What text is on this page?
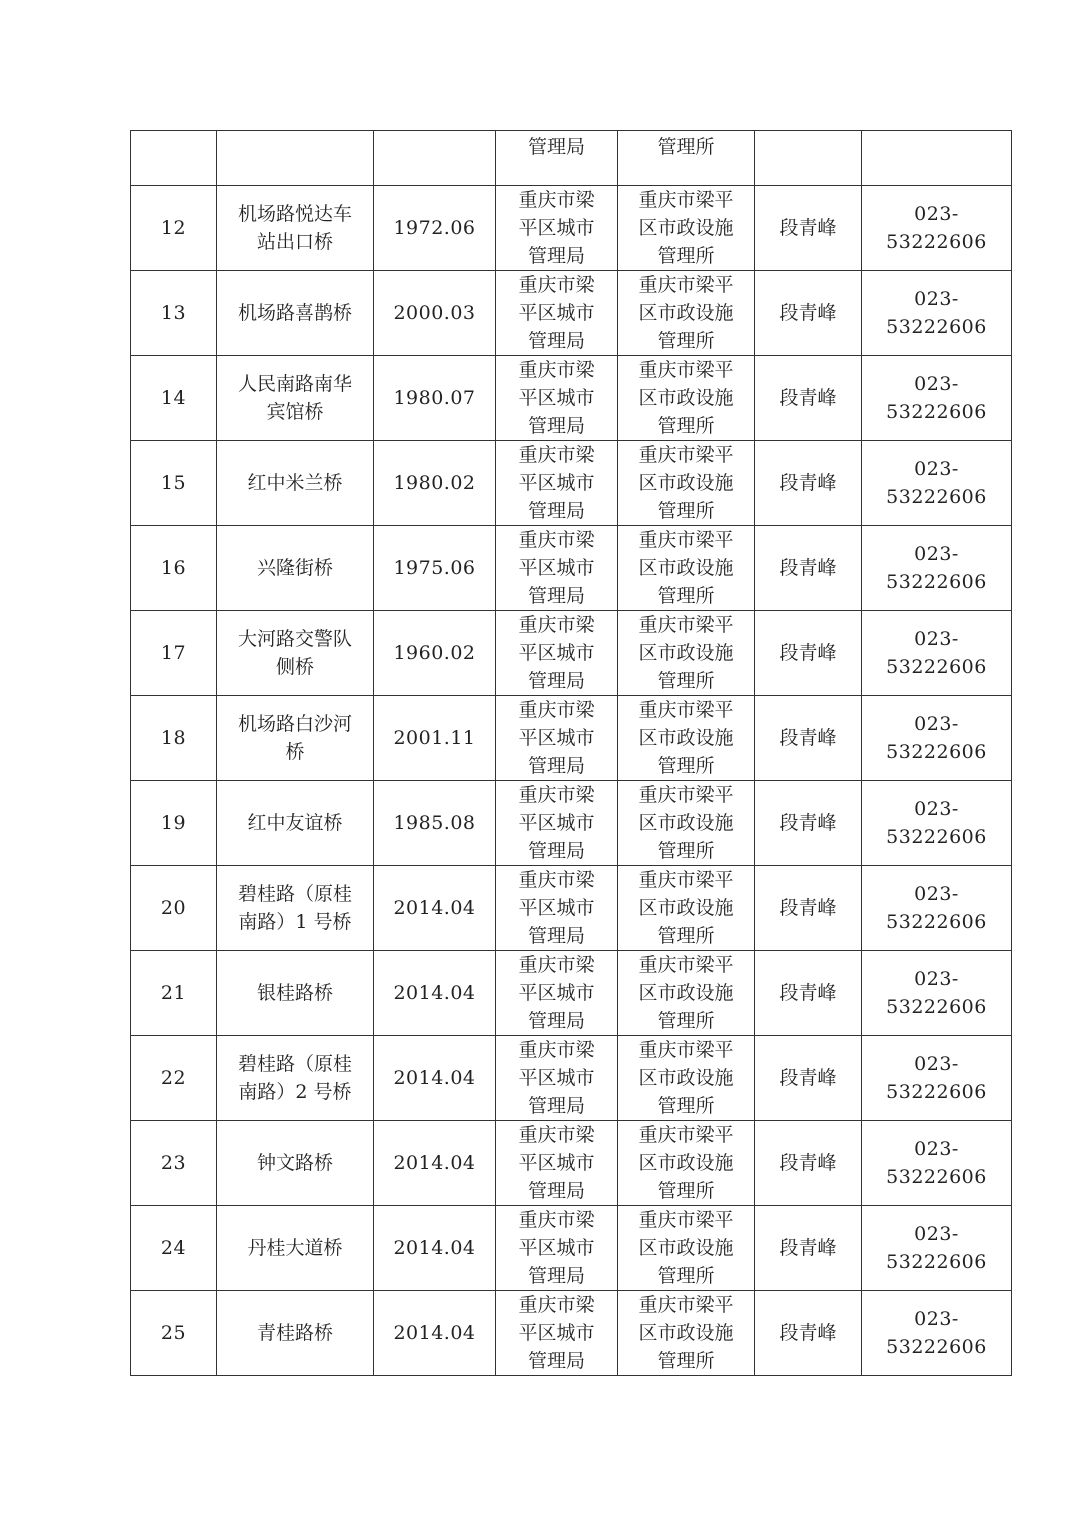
			管理局	管理所		

12	机场路悦达车
站出口桥	1972.06	重庆市梁
平区城市
管理局	重庆市梁平
区市政设施
管理所	段青峰	023-53222606

13	机场路喜鹊桥	2000.03	重庆市梁
平区城市
管理局	重庆市梁平
区市政设施
管理所	段青峰	023-53222606

14	人民南路南华
宾馆桥	1980.07	重庆市梁
平区城市
管理局	重庆市梁平
区市政设施
管理所	段青峰	023-53222606

15	红中米兰桥	1980.02	重庆市梁
平区城市
管理局	重庆市梁平
区市政设施
管理所	段青峰	023-53222606

16	兴隆街桥	1975.06	重庆市梁
平区城市
管理局	重庆市梁平
区市政设施
管理所	段青峰	023-53222606

17	大河路交警队
侧桥	1960.02	重庆市梁
平区城市
管理局	重庆市梁平
区市政设施
管理所	段青峰	023-53222606

18	机场路白沙河
桥	2001.11	重庆市梁
平区城市
管理局	重庆市梁平
区市政设施
管理所	段青峰	023-53222606

19	红中友谊桥	1985.08	重庆市梁
平区城市
管理局	重庆市梁平
区市政设施
管理所	段青峰	023-53222606

20	碧桂路（原桂
南路）1 号桥	2014.04	重庆市梁
平区城市
管理局	重庆市梁平
区市政设施
管理所	段青峰	023-53222606

21	银桂路桥	2014.04	重庆市梁
平区城市
管理局	重庆市梁平
区市政设施
管理所	段青峰	023-53222606

22	碧桂路（原桂
南路）2 号桥	2014.04	重庆市梁
平区城市
管理局	重庆市梁平
区市政设施
管理所	段青峰	023-53222606

23	钟文路桥	2014.04	重庆市梁
平区城市
管理局	重庆市梁平
区市政设施
管理所	段青峰	023-53222606

24	丹桂大道桥	2014.04	重庆市梁
平区城市
管理局	重庆市梁平
区市政设施
管理所	段青峰	023-53222606

25	青桂路桥	2014.04	重庆市梁
平区城市
管理局	重庆市梁平
区市政设施
管理所	段青峰	023-53222606
